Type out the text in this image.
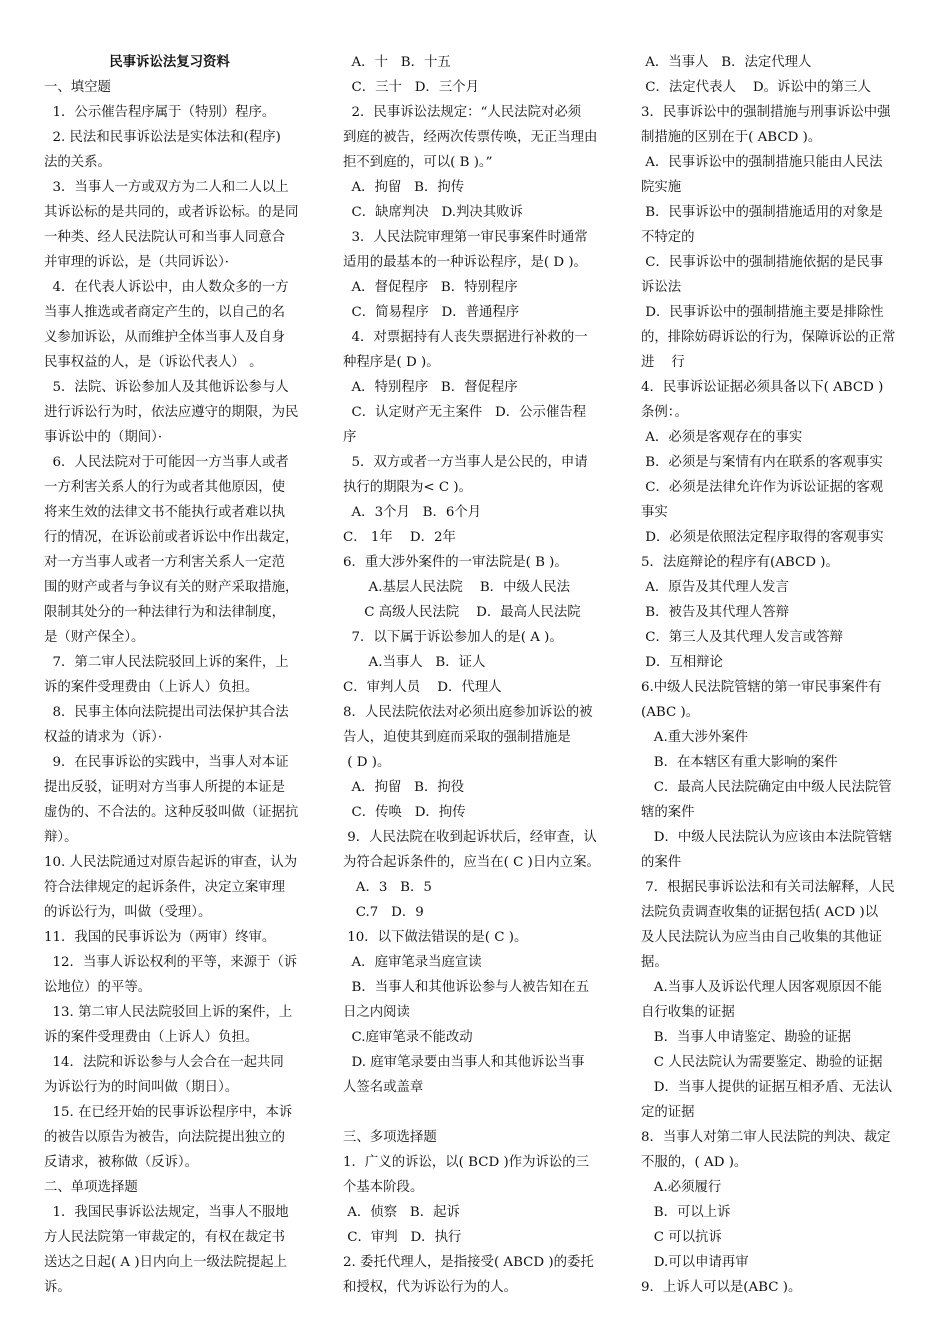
民事诉讼法复习资料
一、填空题
1．公示催告程序属于（特别）程序。
2. 民法和民事诉讼法是实体法和(程序)
法的关系。
3．当事人一方或双方为二人和二人以上
其诉讼标的是共同的，或者诉讼标。的是同
一种类、经人民法院认可和当事人同意合
并审理的诉讼，是（共同诉讼）·
4．在代表人诉讼中，由人数众多的一方
当事人推选或者商定产生的，以自己的名
义参加诉讼，从而维护全体当事人及自身
民事权益的人，是（诉讼代表人） 。
5．法院、诉讼参加人及其他诉讼参与人
进行诉讼行为时，依法应遵守的期限，为民
事诉讼中的（期间）·
6．人民法院对于可能因一方当事人或者
一方利害关系人的行为或者其他原因，使
将来生效的法律文书不能执行或者难以执
行的情况，在诉讼前或者诉讼中作出裁定，
对一方当事人或者一方利害关系人一定范
围的财产或者与争议有关的财产采取措施，
限制其处分的一种法律行为和法律制度，
是（财产保全）。
7．第二审人民法院驳回上诉的案件，上
诉的案件受理费由（上诉人）负担。
8．民事主体向法院提出司法保护其合法
权益的请求为（诉）·
9．在民事诉讼的实践中，当事人对本证
提出反驳，证明对方当事人所提的本证是
虚伪的、不合法的。这种反驳叫做（证据抗
辩）。
10. 人民法院通过对原告起诉的审查，认为
符合法律规定的起诉条件，决定立案审理
的诉讼行为，叫做（受理）。
11．我国的民事诉讼为（两审）终审。
12．当事人诉讼权利的平等，来源于（诉
讼地位）的平等。
13. 第二审人民法院驳回上诉的案件，上
诉的案件受理费由（上诉人）负担。
14．法院和诉讼参与人会合在一起共同
为诉讼行为的时间叫做（期日）。
15. 在已经开始的民事诉讼程序中，本诉
的被告以原告为被告，向法院提出独立的
反请求，被称做（反诉）。
二、单项选择题
1．我国民事诉讼法规定，当事人不服地
方人民法院第一审裁定的，有权在裁定书
送达之日起( A )日内向上一级法院提起上
诉。
A．十   B．十五
C．三十   D．三个月
2．民事诉讼法规定：“人民法院对必须
到庭的被告，经两次传票传唤，无正当理由
拒不到庭的，可以( B )。”
A．拘留   B．拘传
C．缺席判决   D.判决其败诉
3．人民法院审理第一审民事案件时通常
适用的最基本的一种诉讼程序，是( D )。
A．督促程序   B．特别程序
C．简易程序   D．普通程序
4．对票据持有人丧失票据进行补救的一
种程序是( D )。
A．特别程序   B．督促程序
C．认定财产无主案件   D．公示催告程
序
5．双方或者一方当事人是公民的，申请
执行的期限为< C )。
A．3个月   B．6个月
C． 1年    D．2年
6．重大涉外案件的一审法院是( B )。
A.基层人民法院    B．中级人民法
C 高级人民法院    D．最高人民法院
7．以下属于诉讼参加人的是( A )。
A.当事人   B．证人
C．审判人员    D．代理人
8．人民法院依法对必须出庭参加诉讼的被
告人，迫使其到庭而采取的强制措施是
( D )。
A．拘留   B．拘役
C．传唤   D．拘传
9．人民法院在收到起诉状后，经审查，认
为符合起诉条件的，应当在( C )日内立案。
A．3   B．5
C.7   D．9
10．以下做法错误的是( C )。
A．庭审笔录当庭宣读
B．当事人和其他诉讼参与人被告知在五
日之内阅读
C.庭审笔录不能改动
D. 庭审笔录要由当事人和其他诉讼当事
人签名或盖章
三、多项选择题
1．广义的诉讼，以( BCD )作为诉讼的三
个基本阶段。
A．侦察   B．起诉
C．审判   D．执行
2. 委托代理人，是指接受( ABCD )的委托
和授权，代为诉讼行为的人。
A．当事人   B．法定代理人
C．法定代表人    D。诉讼中的第三人
3．民事诉讼中的强制措施与刑事诉讼中强
制措施的区别在于( ABCD )。
A．民事诉讼中的强制措施只能由人民法
院实施
B．民事诉讼中的强制措施适用的对象是
不特定的
C．民事诉讼中的强制措施依据的是民事
诉讼法
D．民事诉讼中的强制措施主要是排除性
的，排除妨碍诉讼的行为，保障诉讼的正常
进    行
4．民事诉讼证据必须具备以下( ABCD )
条例：。
A．必须是客观存在的事实
B．必须是与案情有内在联系的客观事实
C．必须是法律允许作为诉讼证据的客观
事实
D．必须是依照法定程序取得的客观事实
5．法庭辩论的程序有(ABCD )。
A．原告及其代理人发言
B．被告及其代理人答辩
C．第三人及其代理人发言或答辩
D．互相辩论
6.中级人民法院管辖的第一审民事案件有
(ABC )。
A.重大涉外案件
B．在本辖区有重大影响的案件
C．最高人民法院确定由中级人民法院管
辖的案件
D．中级人民法院认为应该由本法院管辖
的案件
7．根据民事诉讼法和有关司法解释，人民
法院负责调查收集的证据包括( ACD )以
及人民法院认为应当由自己收集的其他证
据。
A.当事人及诉讼代理人因客观原因不能
自行收集的证据
B．当事人申请鉴定、勘验的证据
C 人民法院认为需要鉴定、勘验的证据
D．当事人提供的证据互相矛盾、无法认
定的证据
8．当事人对第二审人民法院的判决、裁定
不服的，( AD )。
A.必须履行
B．可以上诉
C 可以抗诉
D.可以申请再审
9．上诉人可以是(ABC )。
